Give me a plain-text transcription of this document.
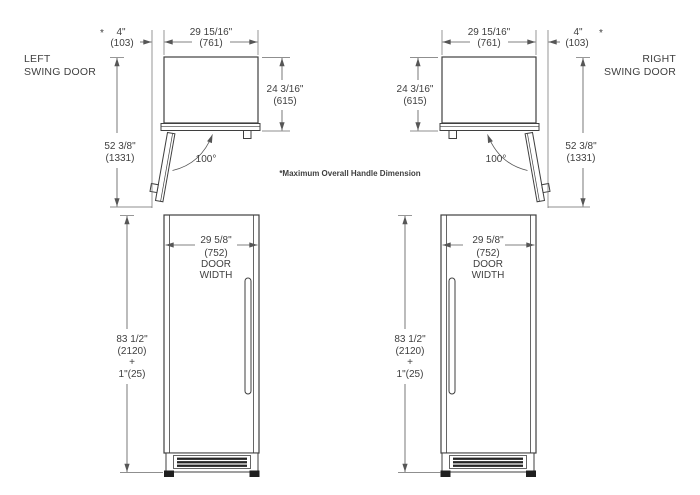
LEFT
SWING DOOR
* 4"
(103)
29 15/16"
(761)
24 3/16"
(615)
52 3/8"
(1331)	100°
RIGHT
SWING DOOR
*
4"
(103)
29 15/16"
(761)
24 3/16"
(615)
52 3/8"
(1331)
100°
*Maximum Overall Handle Dimension
29 5/8"
(752)
DOOR
WIDTH
83 1/2"
(2120)
+
1"(25)
29 5/8"
(752)
DOOR
WIDTH
83 1/2"
(2120)
+
1"(25)
